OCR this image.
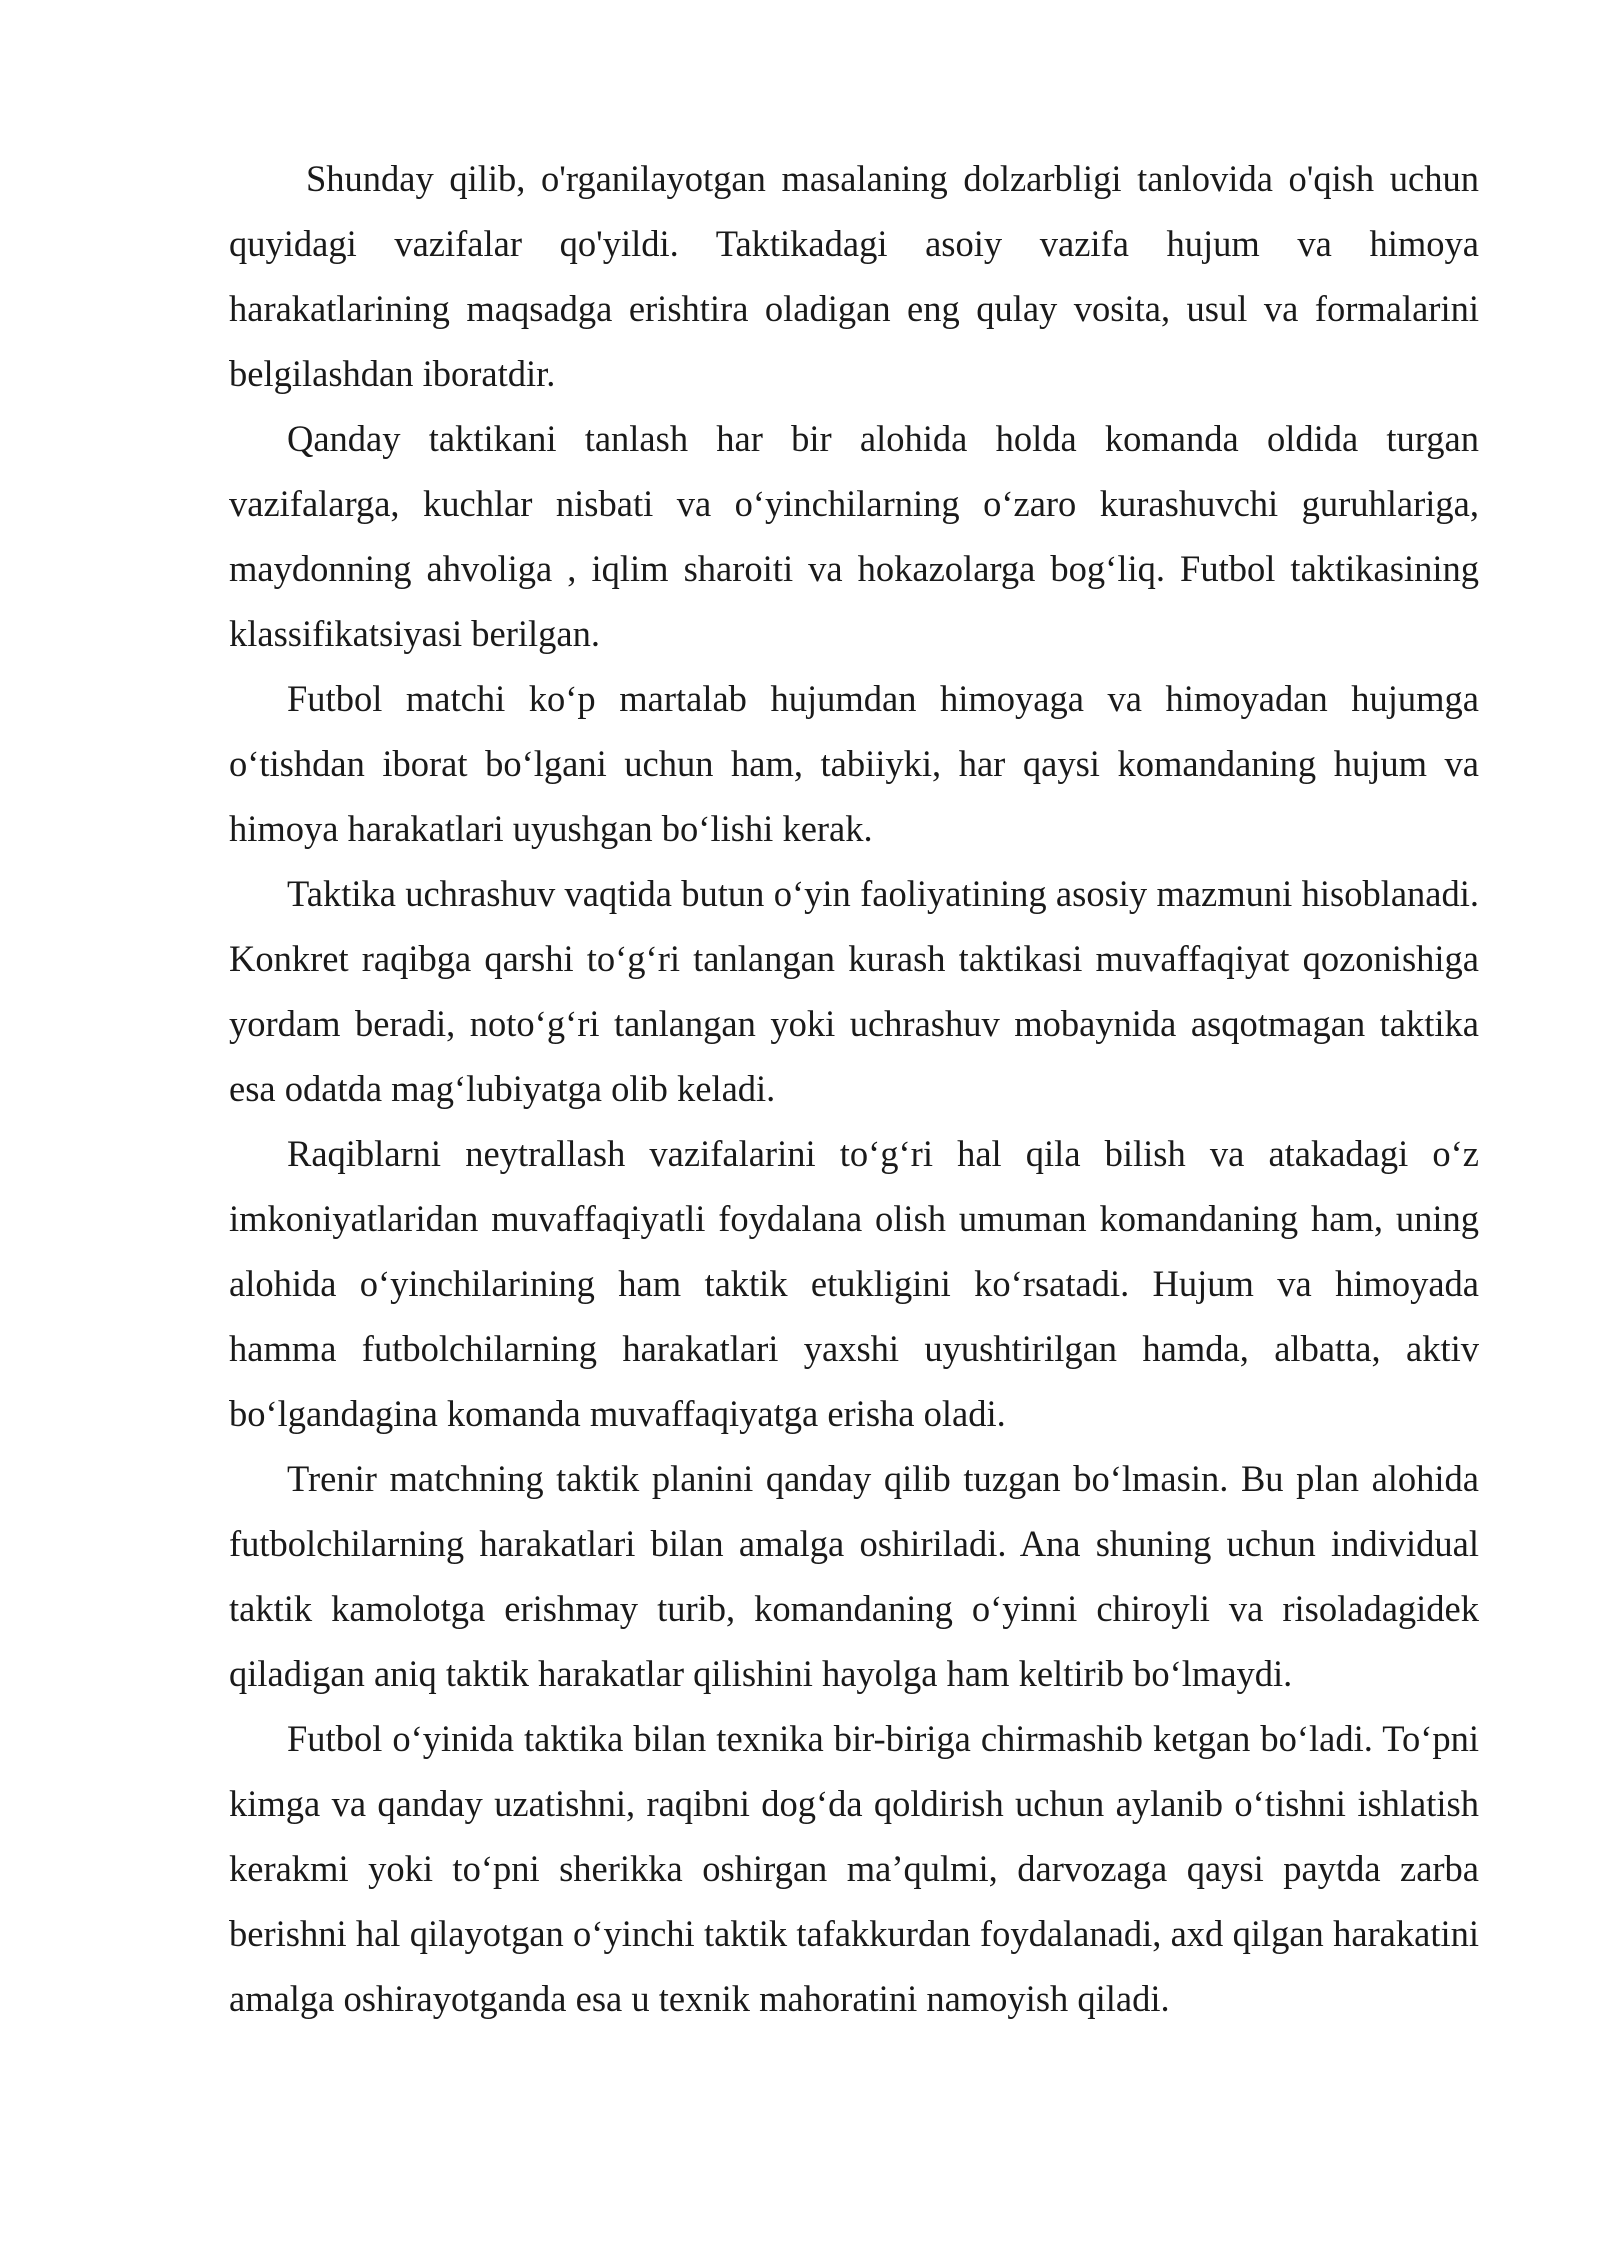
Shunday qilib, o'rganilayotgan masalaning dolzarbligi tanlovida o'qish uchun quyidagi vazifalar qo'yildi. Taktikadagi asoiy vazifa hujum va himoya harakatlarining maqsadga erishtira oladigan eng qulay vosita, usul va formalarini belgilashdan iboratdir.

Qanday taktikani tanlash har bir alohida holda komanda oldida turgan vazifalarga, kuchlar nisbati va o‘yinchilarning o‘zaro kurashuvchi guruhlariga, maydonning ahvoliga , iqlim sharoiti va hokazolarga bog‘liq. Futbol taktikasining klassifikatsiyasi berilgan.

Futbol matchi ko‘p martalab hujumdan himoyaga va himoyadan hujumga o‘tishdan iborat bo‘lgani uchun ham, tabiiyki, har qaysi komandaning hujum va himoya harakatlari uyushgan bo‘lishi kerak.

Taktika uchrashuv vaqtida butun o‘yin faoliyatining asosiy mazmuni hisoblanadi. Konkret raqibga qarshi to‘g‘ri tanlangan kurash taktikasi muvaffaqiyat qozonishiga yordam beradi, noto‘g‘ri tanlangan yoki uchrashuv mobaynida asqotmagan taktika esa odatda mag‘lubiyatga olib keladi.

Raqiblarni neytrallash vazifalarini to‘g‘ri hal qila bilish va atakadagi o‘z imkoniyatlaridan muvaffaqiyatli foydalana olish umuman komandaning ham, uning alohida o‘yinchilarining ham taktik etukligini ko‘rsatadi. Hujum va himoyada hamma futbolchilarning harakatlari yaxshi uyushtirilgan hamda, albatta, aktiv bo‘lgandagina komanda muvaffaqiyatga erisha oladi.

Trenir matchning taktik planini qanday qilib tuzgan bo‘lmasin. Bu plan alohida futbolchilarning harakatlari bilan amalga oshiriladi. Ana shuning uchun individual taktik kamolotga erishmay turib, komandaning o‘yinni chiroyli va risoladagidek qiladigan aniq taktik harakatlar qilishini hayolga ham keltirib bo‘lmaydi.

Futbol o‘yinida taktika bilan texnika bir-biriga chirmashib ketgan bo‘ladi. To‘pni kimga va qanday uzatishni, raqibni dog‘da qoldirish uchun aylanib o‘tishni ishlatish kerakmi yoki to‘pni sherikka oshirgan ma’qulmi, darvozaga qaysi paytda zarba berishni hal qilayotgan o‘yinchi taktik tafakkurdan foydalanadi, axd qilgan harakatini amalga oshirayotganda esa u texnik mahoratini namoyish qiladi.
